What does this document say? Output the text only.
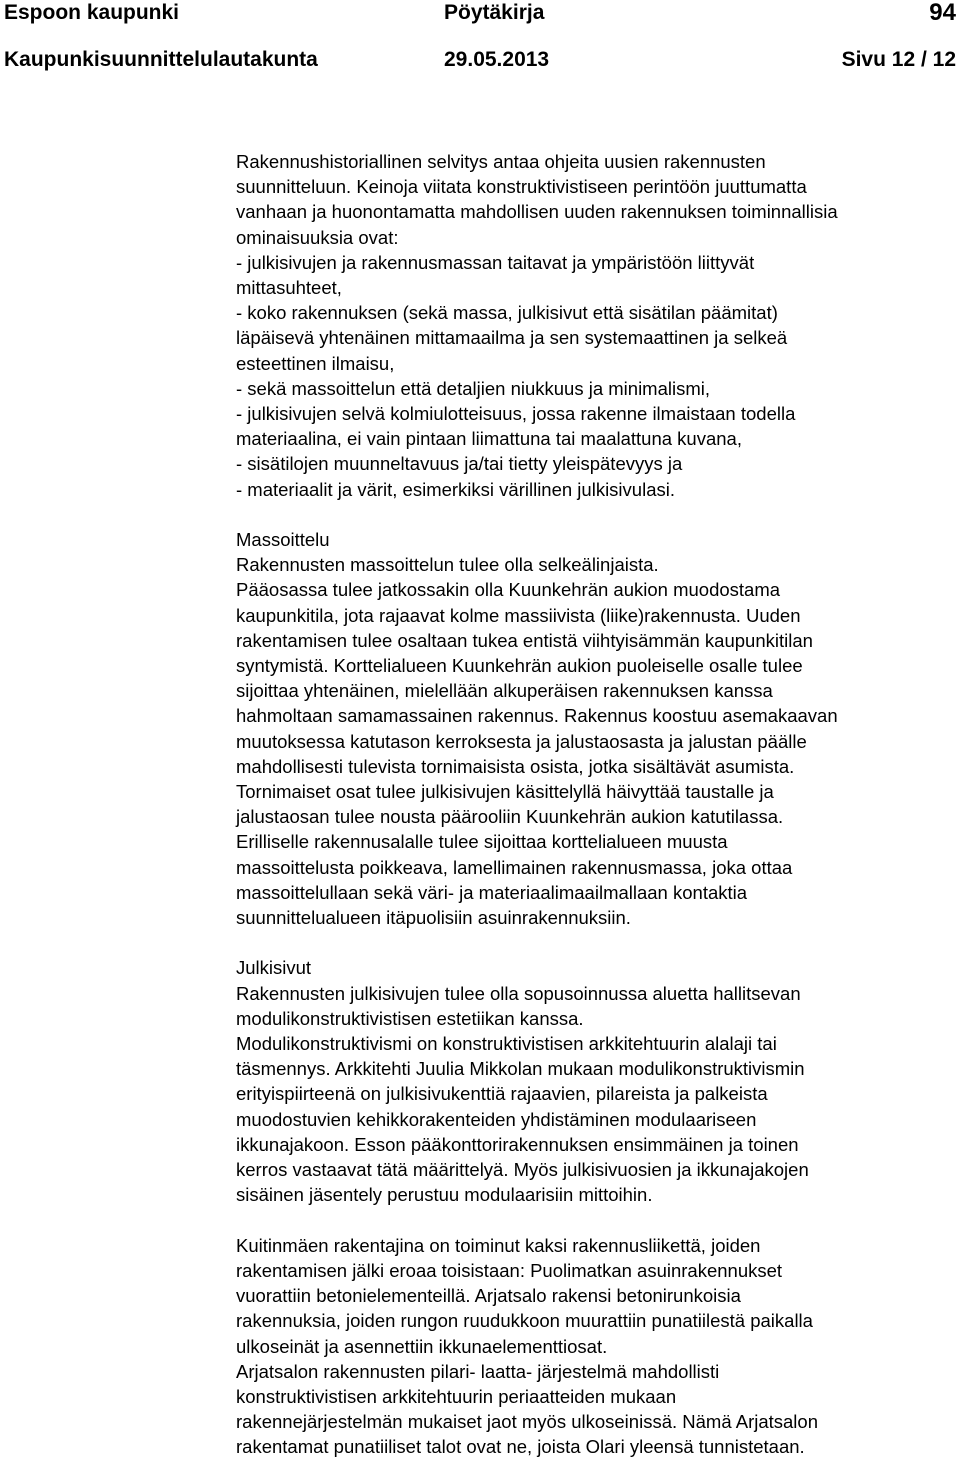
Espoon kaupunki	Pöytäkirja	94
Kaupunkisuunnittelulautakunta	29.05.2013	Sivu 12 / 12

Rakennushistoriallinen selvitys antaa ohjeita uusien rakennusten
suunnitteluun. Keinoja viitata konstruktivistiseen perintöön juuttumatta
vanhaan ja huonontamatta mahdollisen uuden rakennuksen toiminnallisia
ominaisuuksia ovat:
- julkisivujen ja rakennusmassan taitavat ja ympäristöön liittyvät
mittasuhteet,
- koko rakennuksen (sekä massa, julkisivut että sisätilan päämitat)
läpäisevä yhtenäinen mittamaailma ja sen systemaattinen ja selkeä
esteettinen ilmaisu,
- sekä massoittelun että detaljien niukkuus ja minimalismi,
- julkisivujen selvä kolmiulotteisuus, jossa rakenne ilmaistaan todella
materiaalina, ei vain pintaan liimattuna tai maalattuna kuvana,
- sisätilojen muunneltavuus ja/tai tietty yleispätevyys ja
- materiaalit ja värit, esimerkiksi värillinen julkisivulasi.

Massoittelu
Rakennusten massoittelun tulee olla selkeälinjaista.
Pääosassa tulee jatkossakin olla Kuunkehrän aukion muodostama
kaupunkitila, jota rajaavat kolme massiivista (liike)rakennusta. Uuden
rakentamisen tulee osaltaan tukea entistä viihtyisämmän kaupunkitilan
syntymistä. Korttelialueen Kuunkehrän aukion puoleiselle osalle tulee
sijoittaa yhtenäinen, mielellään alkuperäisen rakennuksen kanssa
hahmoltaan samamassainen rakennus. Rakennus koostuu asemakaavan
muutoksessa katutason kerroksesta ja jalustaosasta ja jalustan päälle
mahdollisesti tulevista tornimaisista osista, jotka sisältävät asumista.
Tornimaiset osat tulee julkisivujen käsittelyllä häivyttää taustalle ja
jalustaosan tulee nousta päärooliin Kuunkehrän aukion katutilassa.
Erilliselle rakennusalalle tulee sijoittaa korttelialueen muusta
massoittelusta poikkeava, lamellimainen rakennusmassa, joka ottaa
massoittelullaan sekä väri- ja materiaalimaailmallaan kontaktia
suunnittelualueen itäpuolisiin asuinrakennuksiin.

Julkisivut
Rakennusten julkisivujen tulee olla sopusoinnussa aluetta hallitsevan
modulikonstruktivistisen estetiikan kanssa.
Modulikonstruktivismi on konstruktivistisen arkkitehtuurin alalaji tai
täsmennys. Arkkitehti Juulia Mikkolan mukaan modulikonstruktivismin
erityispiirteenä on julkisivukenttiä rajaavien, pilareista ja palkeista
muodostuvien kehikkorakenteiden yhdistäminen modulaariseen
ikkunajakoon. Esson pääkonttorirakennuksen ensimmäinen ja toinen
kerros vastaavat tätä määrittelyä. Myös julkisivuosien ja ikkunajakojen
sisäinen jäsentely perustuu modulaarisiin mittoihin.

Kuitinmäen rakentajina on toiminut kaksi rakennusliikettä, joiden
rakentamisen jälki eroaa toisistaan: Puolimatkan asuinrakennukset
vuorattiin betonielementeillä. Arjatsalo rakensi betonirunkoisia
rakennuksia, joiden rungon ruudukkoon muurattiin punatiilestä paikalla
ulkoseinät ja asennettiin ikkunaelementtiosat.
Arjatsalon rakennusten pilari- laatta- järjestelmä mahdollisti
konstruktivistisen arkkitehtuurin periaatteiden mukaan
rakennejärjestelmän mukaiset jaot myös ulkoseinissä. Nämä Arjatsalon
rakentamat punatiiliset talot ovat ne, joista Olari yleensä tunnistetaan.
